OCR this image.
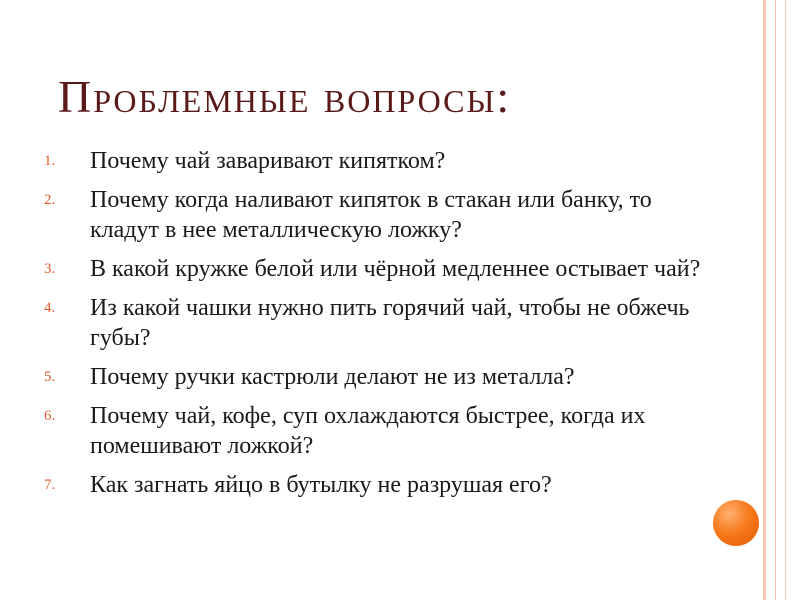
Проблемные вопросы:
1. Почему чай заваривают кипятком?
2. Почему когда наливают кипяток в стакан или банку, то кладут в нее металлическую ложку?
3. В какой кружке белой или чёрной медленнее остывает чай?
4. Из какой чашки нужно пить горячий чай, чтобы не обжечь губы?
5. Почему ручки кастрюли делают не из металла?
6. Почему чай, кофе, суп охлаждаются быстрее, когда их помешивают ложкой?
7. Как загнать яйцо в бутылку не разрушая его?
